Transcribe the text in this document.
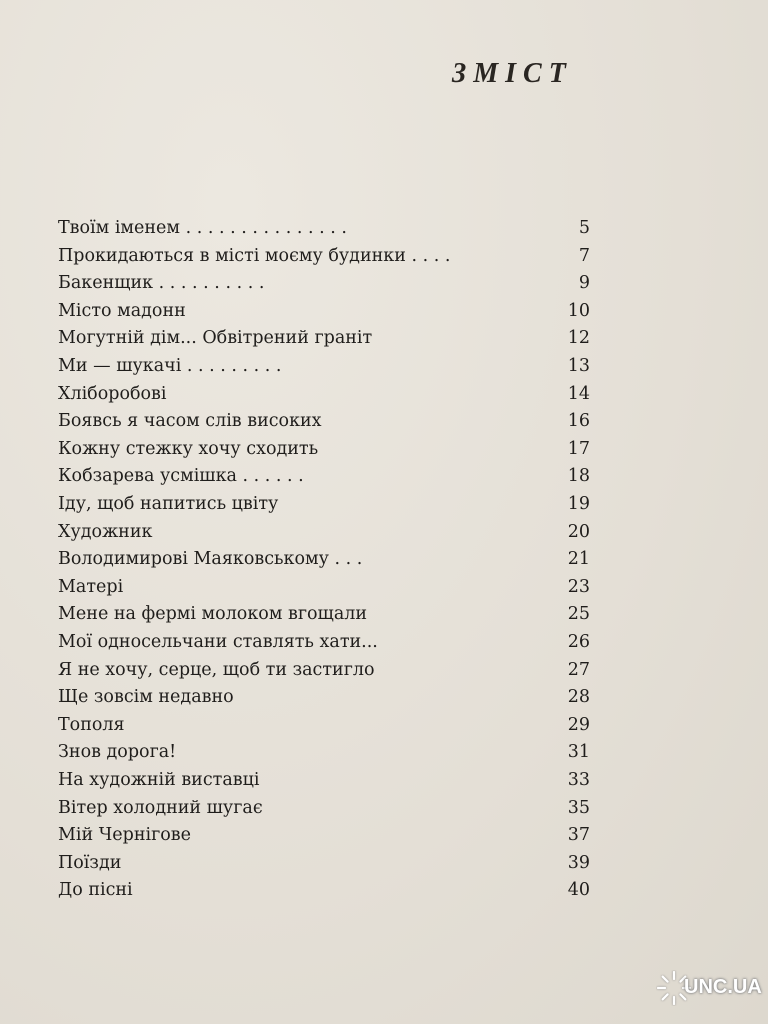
ЗМІСТ
Твоїм іменем . . . . . . . . . . . . . . .	5
Прокидаються в місті моєму будинки . . . .	7
Бакенщик . . . . . . . . . .	9
Місто мадонн	10
Могутній дім... Обвітрений граніт	12
Ми — шукачі . . . . . . . . .	13
Хліборобові	14
Боявсь я часом слів високих	16
Кожну стежку хочу сходить	17
Кобзарева усмішка . . . . . .	18
Іду, щоб напитись цвіту	19
Художник	20
Володимирові Маяковському . . .	21
Матері	23
Мене на фермі молоком вгощали	25
Мої односельчани ставлять хати...	26
Я не хочу, серце, щоб ти застигло	27
Ще зовсім недавно	28
Тополя	29
Знов дорога!	31
На художній виставці	33
Вітер холодний шугає	35
Мій Чернігове	37
Поїзди	39
До пісні	40
UNC.UA
